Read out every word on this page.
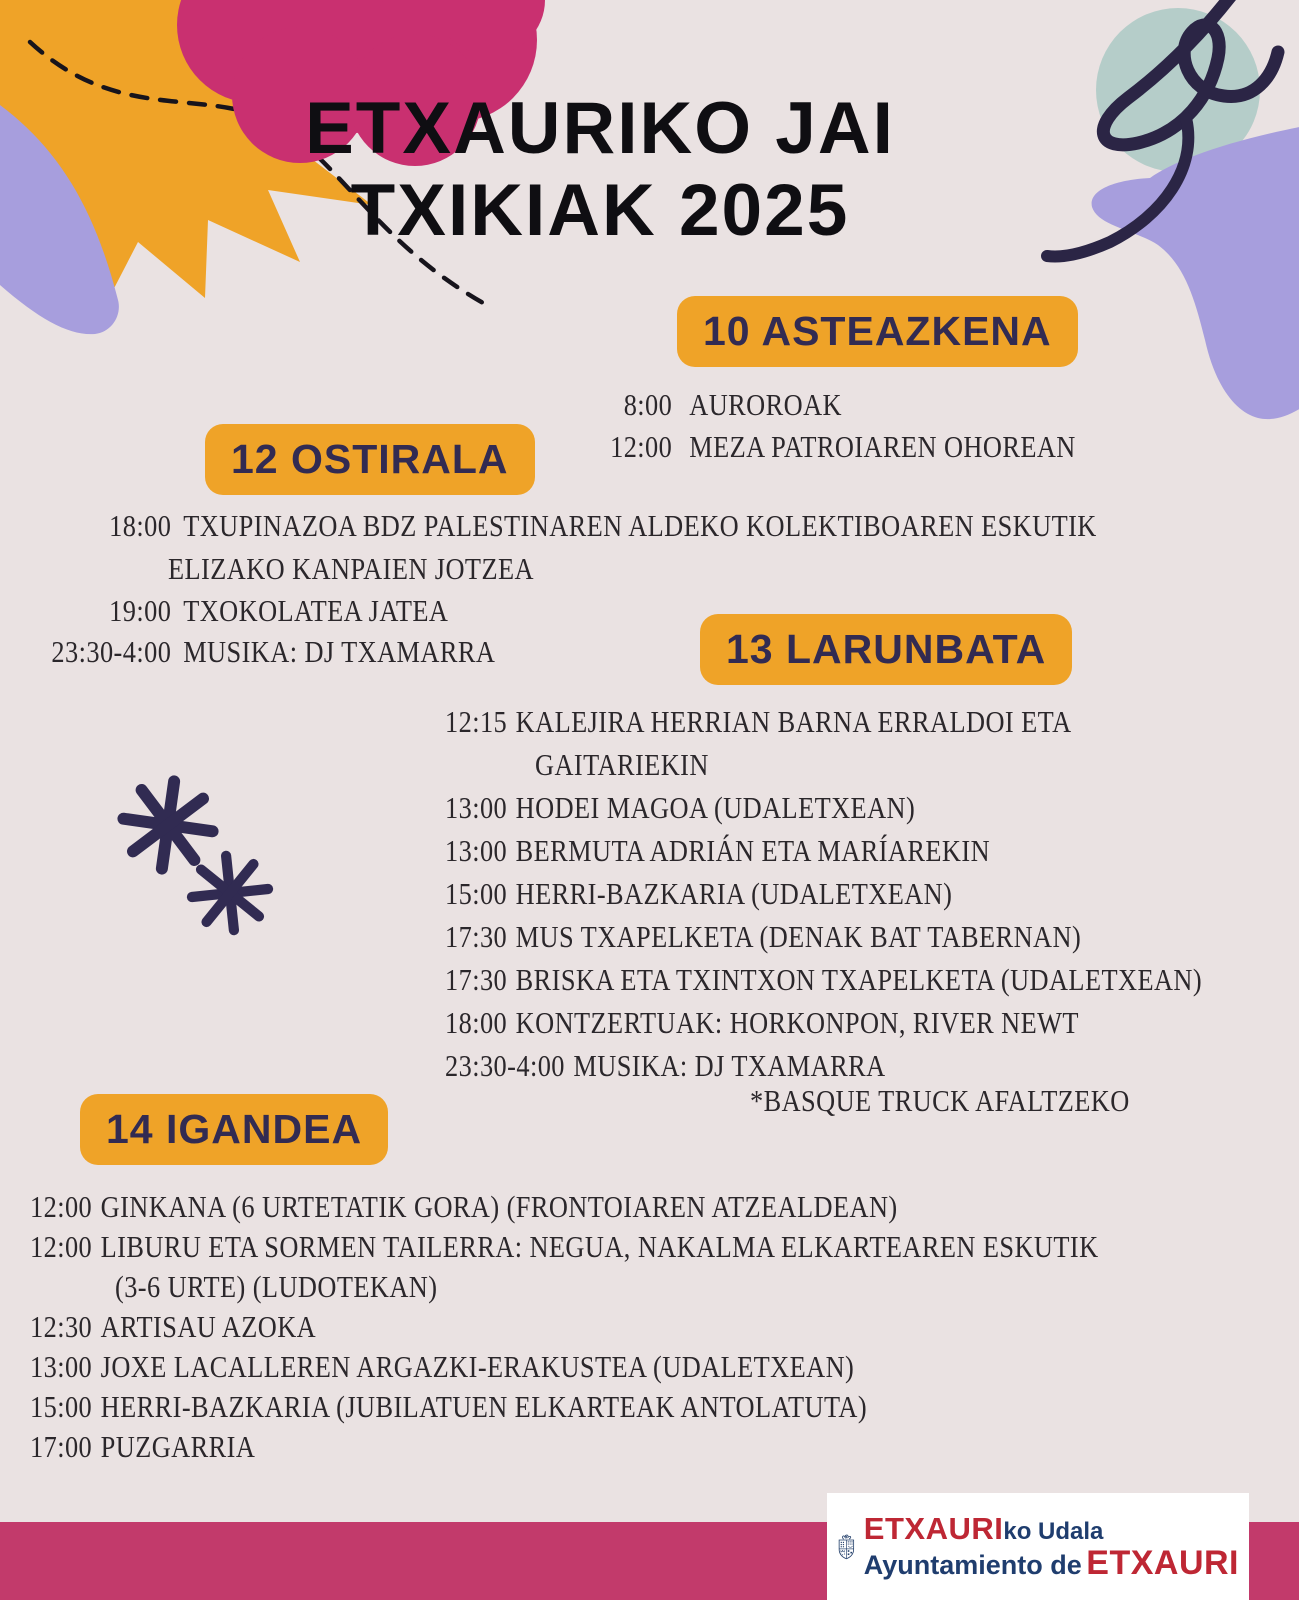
ETXAURIKO JAI
TXIKIAK 2025
10 ASTEAZKENA
12 OSTIRALA
13 LARUNBATA
14 IGANDEA
8:00 AUROROAK
12:00 MEZA PATROIAREN OHOREAN
18:00 TXUPINAZOA BDZ PALESTINAREN ALDEKO KOLEKTIBOAREN ESKUTIK
ELIZAKO KANPAIEN JOTZEA
19:00 TXOKOLATEA JATEA
23:30-4:00 MUSIKA: DJ TXAMARRA
12:15 KALEJIRA HERRIAN BARNA ERRALDOI ETA
GAITARIEKIN
13:00 HODEI MAGOA (UDALETXEAN)
13:00 BERMUTA ADRIÁN ETA MARÍAREKIN
15:00 HERRI-BAZKARIA (UDALETXEAN)
17:30 MUS TXAPELKETA (DENAK BAT TABERNAN)
17:30 BRISKA ETA TXINTXON TXAPELKETA (UDALETXEAN)
18:00 KONTZERTUAK: HORKONPON, RIVER NEWT
23:30-4:00 MUSIKA: DJ TXAMARRA
*BASQUE TRUCK AFALTZEKO
12:00 GINKANA (6 URTETATIK GORA) (FRONTOIAREN ATZEALDEAN)
12:00 LIBURU ETA SORMEN TAILERRA: NEGUA, NAKALMA ELKARTEAREN ESKUTIK
(3-6 URTE) (LUDOTEKAN)
12:30 ARTISAU AZOKA
13:00 JOXE LACALLEREN ARGAZKI-ERAKUSTEA (UDALETXEAN)
15:00 HERRI-BAZKARIA (JUBILATUEN ELKARTEAK ANTOLATUTA)
17:00 PUZGARRIA
ETXAURIko Udala
Ayuntamiento de ETXAURI
